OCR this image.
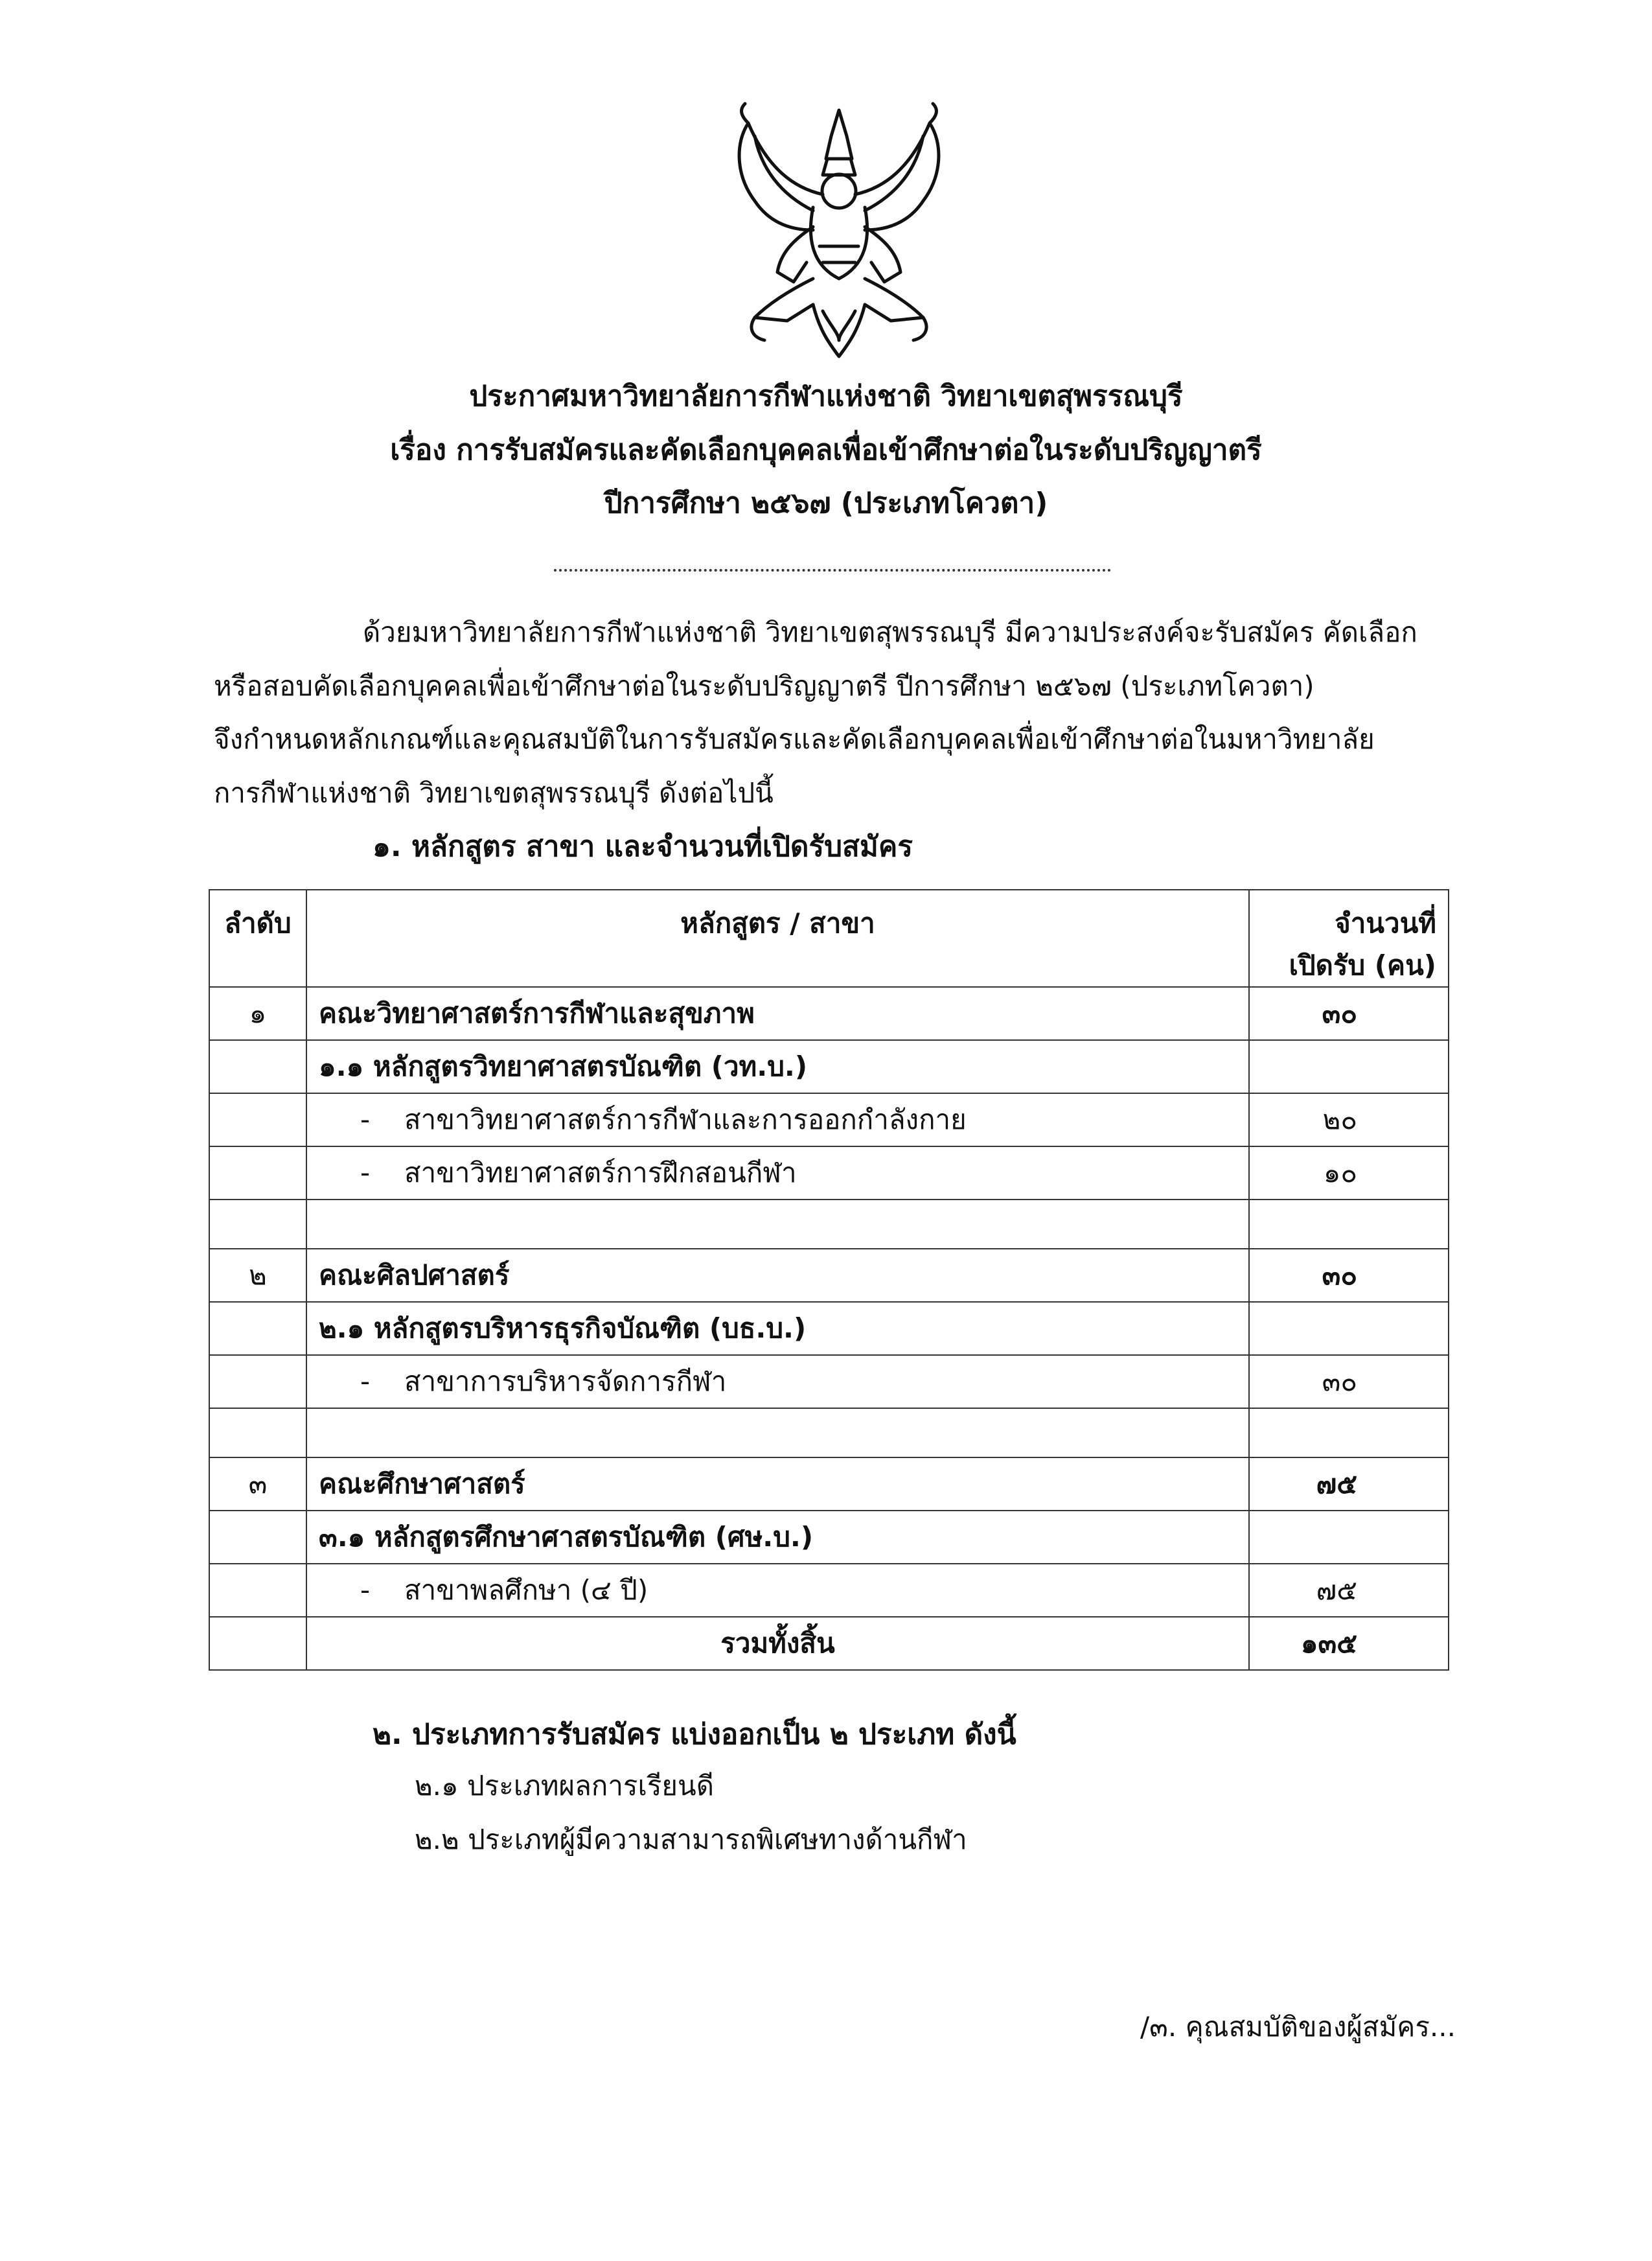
ประกาศมหาวิทยาลัยการกีฬาแห่งชาติ วิทยาเขตสุพรรณบุรี
เรื่อง การรับสมัครและคัดเลือกบุคคลเพื่อเข้าศึกษาต่อในระดับปริญญาตรี
ปีการศึกษา ๒๕๖๗ (ประเภทโควตา)
ด้วยมหาวิทยาลัยการกีฬาแห่งชาติ วิทยาเขตสุพรรณบุรี มีความประสงค์จะรับสมัคร คัดเลือก
หรือสอบคัดเลือกบุคคลเพื่อเข้าศึกษาต่อในระดับปริญญาตรี ปีการศึกษา ๒๕๖๗ (ประเภทโควตา)
จึงกำหนดหลักเกณฑ์และคุณสมบัติในการรับสมัครและคัดเลือกบุคคลเพื่อเข้าศึกษาต่อในมหาวิทยาลัย
การกีฬาแห่งชาติ วิทยาเขตสุพรรณบุรี ดังต่อไปนี้
๑. หลักสูตร สาขา และจำนวนที่เปิดรับสมัคร
ลำดับ	หลักสูตร / สาขา	จำนวนที่
เปิดรับ (คน)

๑	คณะวิทยาศาสตร์การกีฬาและสุขภาพ	๓๐
	๑.๑ หลักสูตรวิทยาศาสตรบัณฑิต (วท.บ.)	
	- สาขาวิทยาศาสตร์การกีฬาและการออกกำลังกาย	๒๐
	- สาขาวิทยาศาสตร์การฝึกสอนกีฬา	๑๐

๒	คณะศิลปศาสตร์	๓๐
	๒.๑ หลักสูตรบริหารธุรกิจบัณฑิต (บธ.บ.)	
	- สาขาการบริหารจัดการกีฬา	๓๐

๓	คณะศึกษาศาสตร์	๗๕
	๓.๑ หลักสูตรศึกษาศาสตรบัณฑิต (ศษ.บ.)	
	- สาขาพลศึกษา (๔ ปี)	๗๕
	รวมทั้งสิ้น	๑๓๕
๒. ประเภทการรับสมัคร แบ่งออกเป็น ๒ ประเภท ดังนี้
๒.๑ ประเภทผลการเรียนดี
๒.๒ ประเภทผู้มีความสามารถพิเศษทางด้านกีฬา
/๓. คุณสมบัติของผู้สมัคร...
